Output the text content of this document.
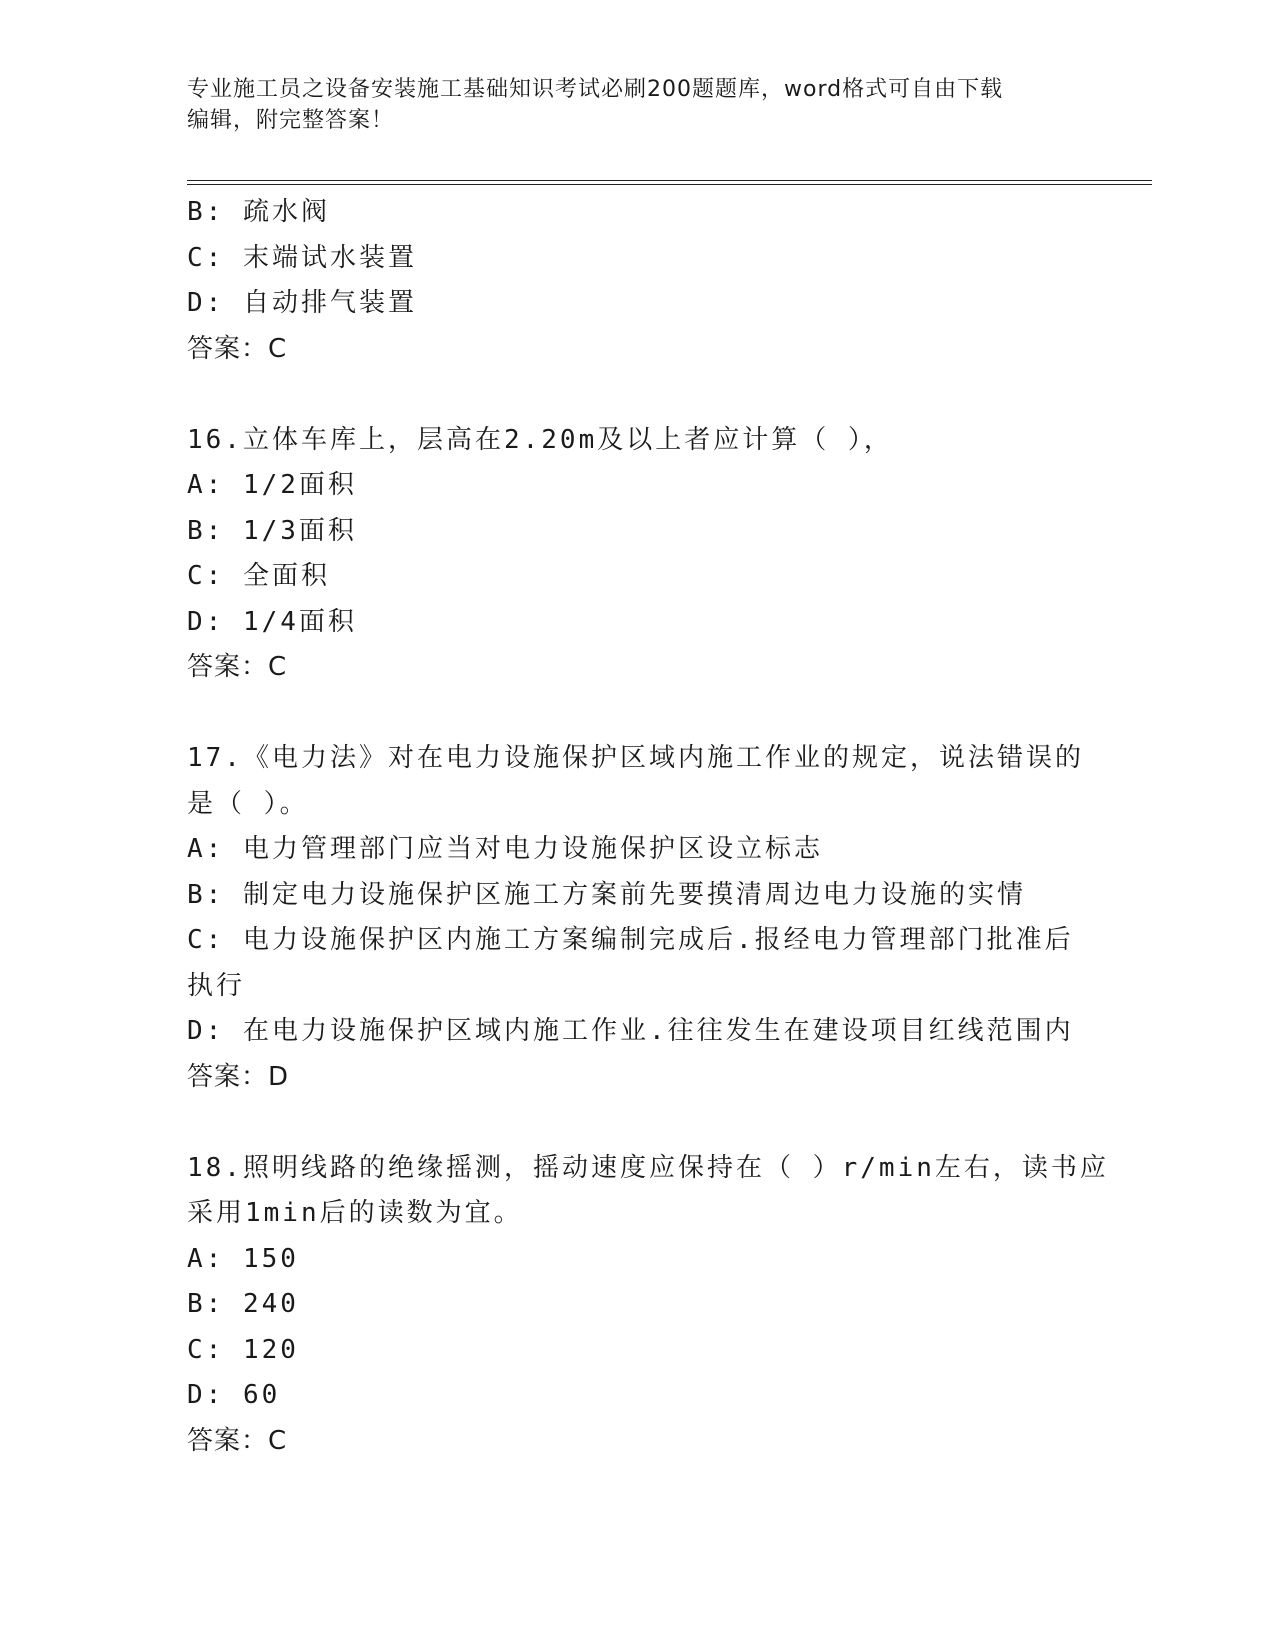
专业施工员之设备安装施工基础知识考试必刷200题题库，word格式可自由下载
编辑，附完整答案！
B: 疏水阀
C: 末端试水装置
D: 自动排气装置
答案：C
16.立体车库上，层高在2.20m及以上者应计算（ ），
A: 1/2面积
B: 1/3面积
C: 全面积
D: 1/4面积
答案：C
17.《电力法》对在电力设施保护区域内施工作业的规定，说法错误的
是（ ）。
A: 电力管理部门应当对电力设施保护区设立标志
B: 制定电力设施保护区施工方案前先要摸清周边电力设施的实情
C: 电力设施保护区内施工方案编制完成后.报经电力管理部门批准后
执行
D: 在电力设施保护区域内施工作业.往往发生在建设项目红线范围内
答案：D
18.照明线路的绝缘摇测，摇动速度应保持在（ ）r/min左右，读书应
采用1min后的读数为宜。
A: 150
B: 240
C: 120
D: 60
答案：C
